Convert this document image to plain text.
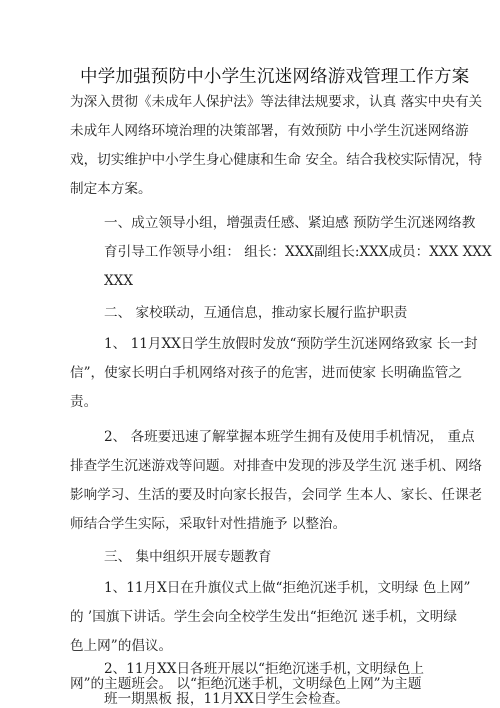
中学加强预防中小学生沉迷网络游戏管理工作方案
为深入贯彻《未成年人保护法》等法律法规要求，认真 落实中央有关
未成年人网络环境治理的决策部署，有效预防 中小学生沉迷网络游
戏，切实维护中小学生身心健康和生命 安全。结合我校实际情况，特
制定本方案。
一、成立领导小组，增强责任感、紧迫感 预防学生沉迷网络教
育引导工作领导小组： 组长：XXX副组长:XXX成员：XXX XXX
XXX
二、 家校联动，互通信息，推动家长履行监护职责
1、 11月XX日学生放假时发放“预防学生沉迷网络致家 长一封
信”，使家长明白手机网络对孩子的危害，进而使家 长明确监管之
责。
2、 各班要迅速了解掌握本班学生拥有及使用手机情况， 重点
排查学生沉迷游戏等问题。对排查中发现的涉及学生沉 迷手机、网络
影响学习、生活的要及时向家长报告，会同学 生本人、家长、任课老
师结合学生实际，采取针对性措施予 以整治。
三、 集中组织开展专题教育
1、11月X日在升旗仪式上做“拒绝沉迷手机，文明绿 色上网”
的 ’国旗下讲话。学生会向全校学生发出“拒绝沉 迷手机，文明绿
色上网”的倡议。
2、11月XX日各班开展以“拒绝沉迷手机，
文明绿色上
网”的主题班会。 以“拒绝沉迷手机，文明绿色上网”为主题
班一期黑板 报，11月XX日学生会检查。
